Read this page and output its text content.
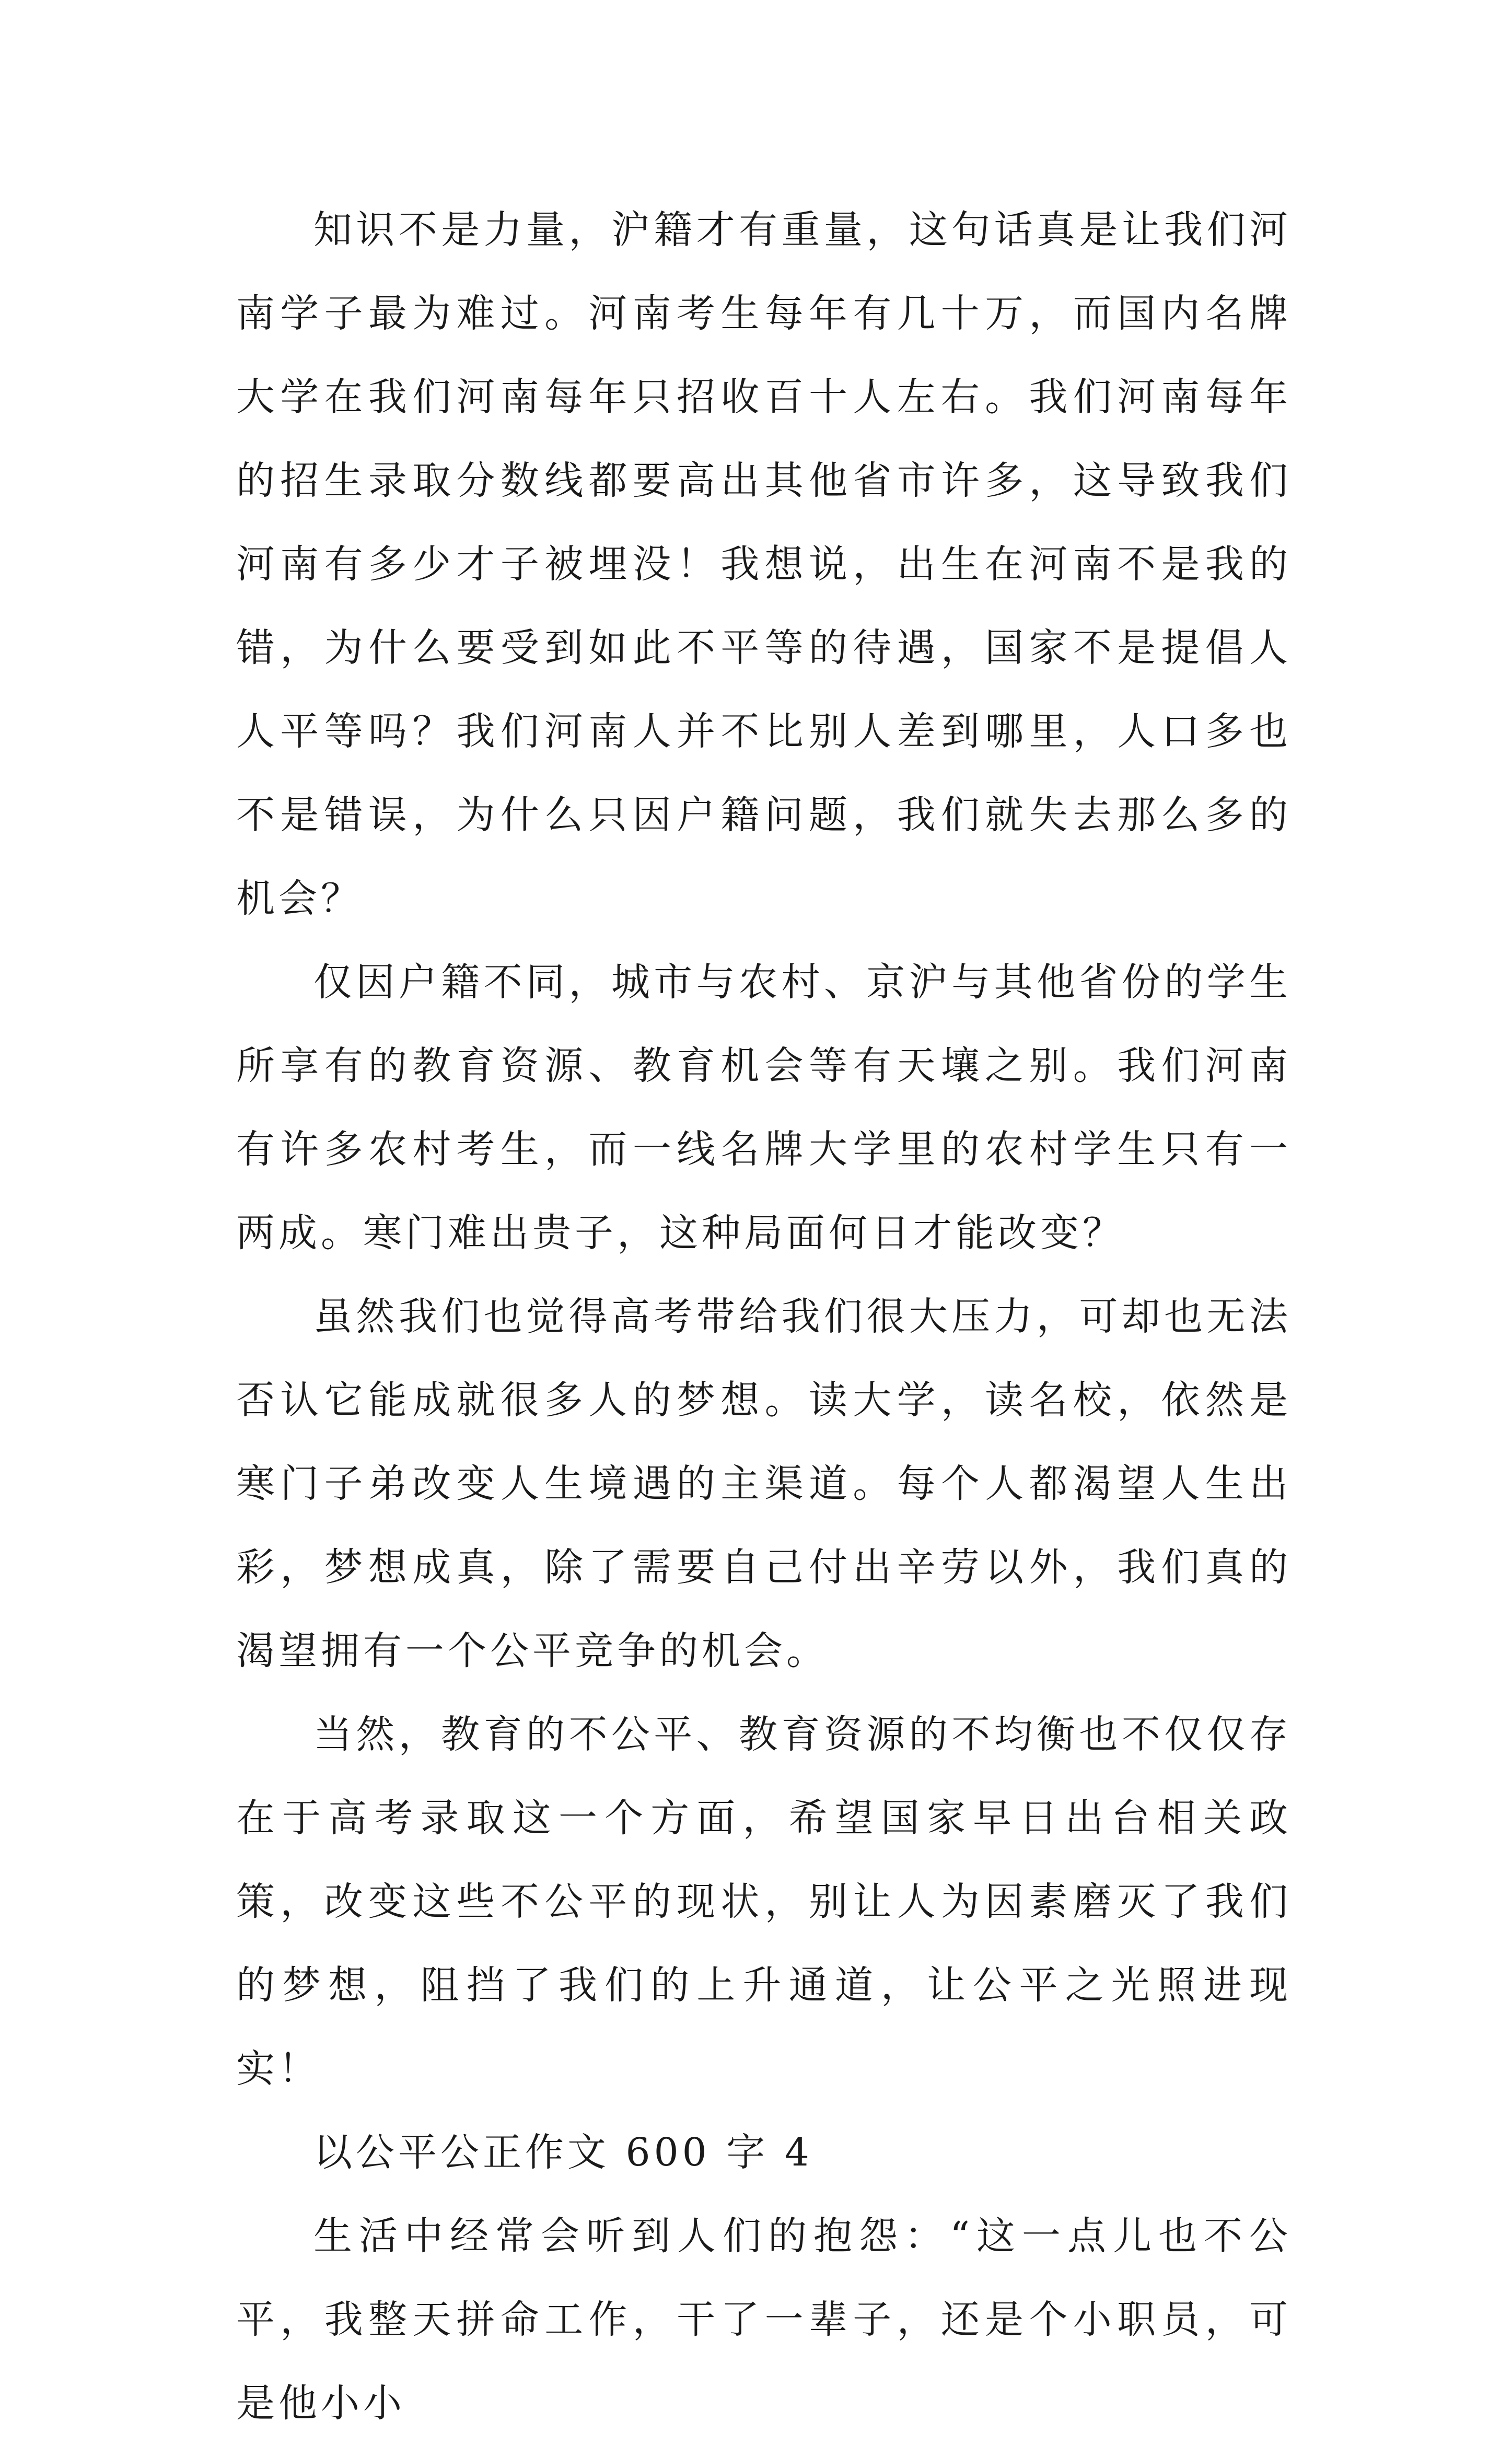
知识不是力量，沪籍才有重量，这句话真是让我们河南学子最为难过。河南考生每年有几十万，而国内名牌大学在我们河南每年只招收百十人左右。我们河南每年的招生录取分数线都要高出其他省市许多，这导致我们河南有多少才子被埋没！我想说，出生在河南不是我的错，为什么要受到如此不平等的待遇，国家不是提倡人人平等吗？我们河南人并不比别人差到哪里，人口多也不是错误，为什么只因户籍问题，我们就失去那么多的机会？

仅因户籍不同，城市与农村、京沪与其他省份的学生所享有的教育资源、教育机会等有天壤之别。我们河南有许多农村考生，而一线名牌大学里的农村学生只有一两成。寒门难出贵子，这种局面何日才能改变？

虽然我们也觉得高考带给我们很大压力，可却也无法否认它能成就很多人的梦想。读大学，读名校，依然是寒门子弟改变人生境遇的主渠道。每个人都渴望人生出彩，梦想成真，除了需要自己付出辛劳以外，我们真的渴望拥有一个公平竞争的机会。

当然，教育的不公平、教育资源的不均衡也不仅仅存在于高考录取这一个方面，希望国家早日出台相关政策，改变这些不公平的现状，别让人为因素磨灭了我们的梦想，阻挡了我们的上升通道，让公平之光照进现实！

以公平公正作文 600 字 4

生活中经常会听到人们的抱怨：“这一点儿也不公平，我整天拼命工作，干了一辈子，还是个小职员，可是他小小
